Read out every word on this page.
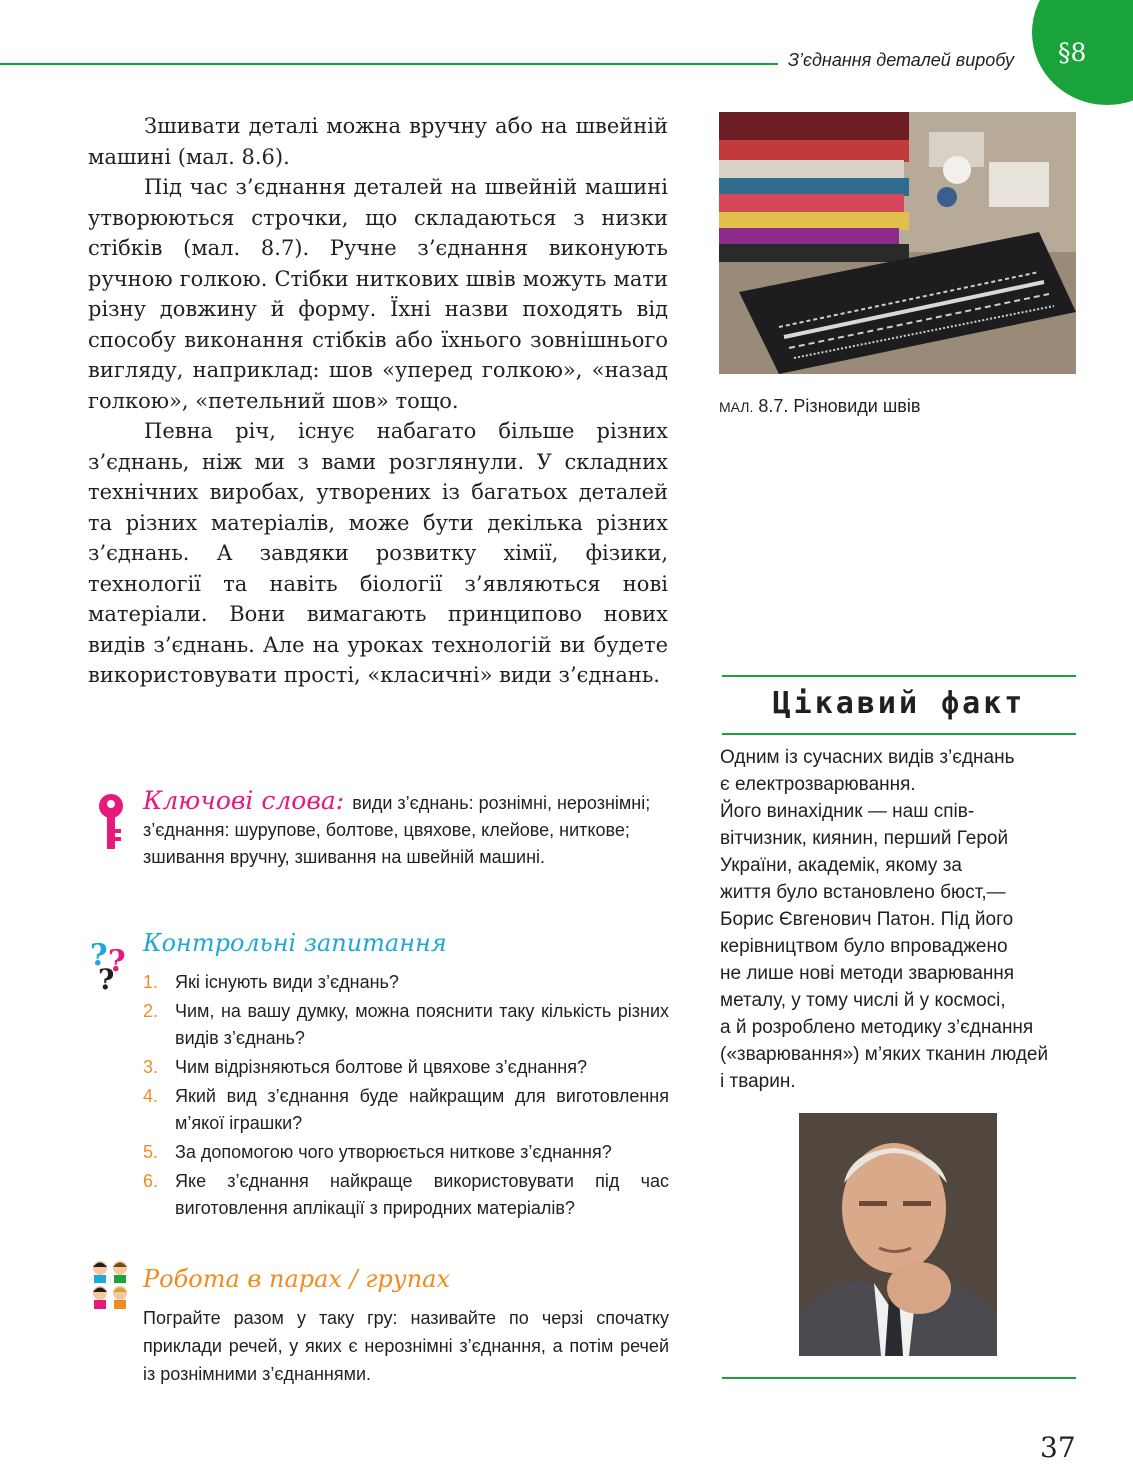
З’єднання деталей виробу	§8

Зшивати деталі можна вручну або на швейній машині (мал. 8.6).

Під час з’єднання деталей на швейній машині утворюються строчки, що складаються з низки стібків (мал. 8.7). Ручне з’єднання виконують ручною голкою. Стібки ниткових швів можуть мати різну довжину й форму. Їхні назви походять від способу виконання стібків або їхнього зовнішнього вигляду, наприклад: шов «уперед голкою», «назад голкою», «петельний шов» тощо.

Певна річ, існує набагато більше різних з’єднань, ніж ми з вами розглянули. У складних технічних виробах, утворених із багатьох деталей та різних матеріалів, може бути декілька різних з’єднань. А завдяки розвитку хімії, фізики, технології та навіть біології з’являються нові матеріали. Вони вимагають принципово нових видів з’єднань. Але на уроках технологій ви будете використовувати прості, «класичні» види з’єднань.

МАЛ. 8.7. Різновиди швів
Ключові слова: види з’єднань: рознімні, нерознімні; з’єднання: шурупове, болтове, цвяхове, клейове, ниткове; зшивання вручну, зшивання на швейній машині.
? ?
?
Контрольні запитання
1. Які існують види з’єднань?
2. Чим, на вашу думку, можна пояснити таку кількість різних видів з’єднань?
3. Чим відрізняються болтове й цвяхове з’єднання?
4. Який вид з’єднання буде найкращим для виготовлення м’якої іграшки?
5. За допомогою чого утворюється ниткове з’єднання?
6. Яке з’єднання найкраще використовувати під час виготовлення аплікації з природних матеріалів?
Робота в парах / групах
Пограйте разом у таку гру: називайте по черзі спочатку приклади речей, у яких є нерознімні з’єднання, а потім речей із рознімними з’єднаннями.
Цікавий факт
Одним із сучасних видів з’єднань
є електрозварювання.
Його винахідник — наш спів-
вітчизник, киянин, перший Герой
України, академік, якому за
життя було встановлено бюст,—
Борис Євгенович Патон. Під його
керівництвом було впроваджено
не лише нові методи зварювання
металу, у тому числі й у космосі,
а й розроблено методику з’єднання
(«зварювання») м’яких тканин людей
і тварин.
37
